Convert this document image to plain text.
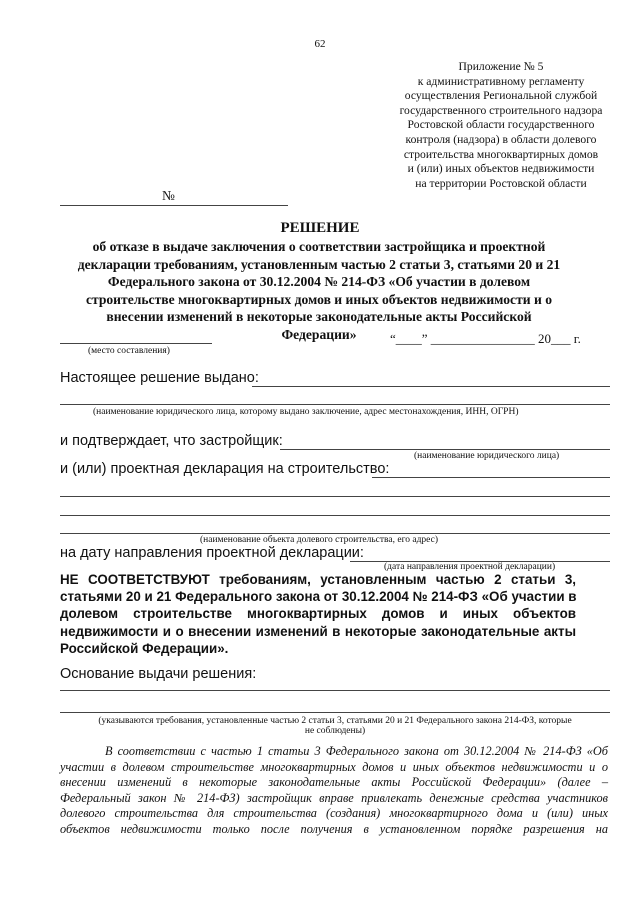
62
Приложение № 5
к административному регламенту
осуществления Региональной службой
государственного строительного надзора
Ростовской области государственного
контроля (надзора) в области долевого
строительства многоквартирных домов
и (или) иных объектов недвижимости
на территории Ростовской области
№
РЕШЕНИЕ
об отказе в выдаче заключения о соответствии застройщика и проектной
декларации требованиям, установленным частью 2 статьи 3, статьями 20 и 21
Федерального закона от 30.12.2004 № 214-ФЗ «Об участии в долевом
строительстве многоквартирных домов и иных объектов недвижимости и о
внесении изменений в некоторые законодательные акты Российской
Федерации»
(место составления)
“____” ________________ 20___ г.
Настоящее решение выдано:
(наименование юридического лица, которому выдано заключение, адрес местонахождения, ИНН, ОГРН)
и подтверждает, что застройщик:
(наименование юридического лица)
и (или) проектная декларация на строительство:
(наименование объекта долевого строительства, его адрес)
на дату направления проектной декларации:
(дата направления проектной декларации)
НЕ СООТВЕТСТВУЮТ требованиям, установленным частью 2 статьи 3,
статьями 20 и 21 Федерального закона от 30.12.2004 № 214-ФЗ «Об участии в
долевом строительстве многоквартирных домов и иных объектов
недвижимости и о внесении изменений в некоторые законодательные акты
Российской Федерации».
Основание выдачи решения:
(указываются требования, установленные частью 2 статьи 3, статьями 20 и 21 Федерального закона 214-ФЗ, которые
не соблюдены)
В соответствии с частью 1 статьи 3 Федерального закона от 30.12.2004 № 214-ФЗ «Об
участии в долевом строительстве многоквартирных домов и иных объектов недвижимости и о
внесении изменений в некоторые законодательные акты Российской Федерации» (далее –
Федеральный закон № 214-ФЗ) застройщик вправе привлекать денежные средства участников
долевого строительства для строительства (создания) многоквартирного дома и (или) иных
объектов недвижимости только после получения в установленном порядке разрешения на
